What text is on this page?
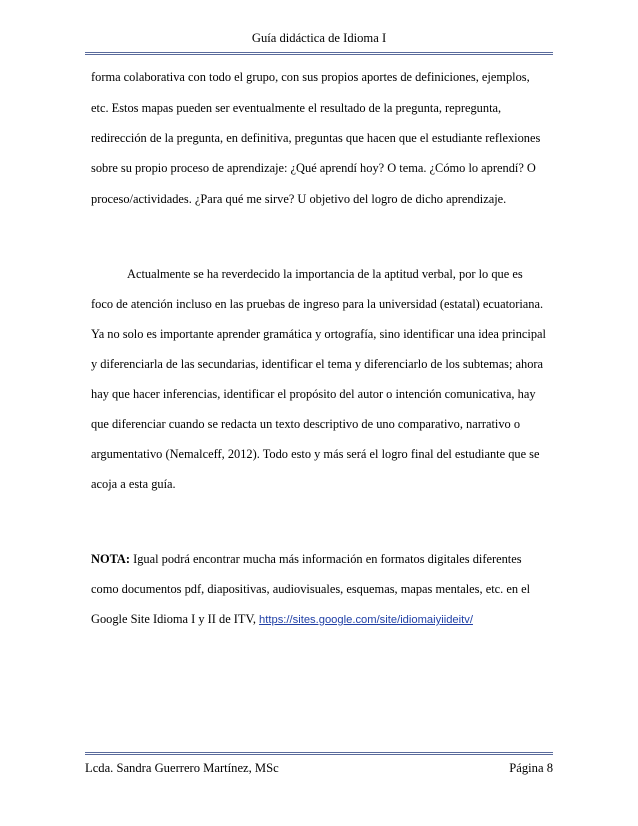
Guía didáctica de Idioma I
forma colaborativa con todo el grupo, con sus propios aportes de definiciones, ejemplos,
etc. Estos mapas pueden ser eventualmente el resultado de la pregunta, repregunta,
redirección de la pregunta, en definitiva, preguntas que hacen que el estudiante reflexiones
sobre su propio proceso de aprendizaje: ¿Qué aprendí hoy? O tema. ¿Cómo lo aprendí? O
proceso/actividades. ¿Para qué me sirve? U objetivo del logro de dicho aprendizaje.
Actualmente se ha reverdecido la importancia de la aptitud verbal, por lo que es
foco de atención incluso en las pruebas de ingreso para la universidad (estatal) ecuatoriana.
Ya no solo es importante aprender gramática y ortografía, sino identificar una idea principal
y diferenciarla de las secundarias, identificar el tema y diferenciarlo de los subtemas; ahora
hay que hacer inferencias, identificar el propósito del autor o intención comunicativa, hay
que diferenciar cuando se redacta un texto descriptivo de uno comparativo, narrativo o
argumentativo (Nemalceff, 2012). Todo esto y más será el logro final del estudiante que se
acoja a esta guía.
NOTA: Igual podrá encontrar mucha más información en formatos digitales diferentes
como documentos pdf, diapositivas, audiovisuales, esquemas, mapas mentales, etc. en el
Google Site Idioma I y II de ITV, https://sites.google.com/site/idiomaiyiideitv/
Lcda. Sandra Guerrero Martínez, MSc	Página 8
